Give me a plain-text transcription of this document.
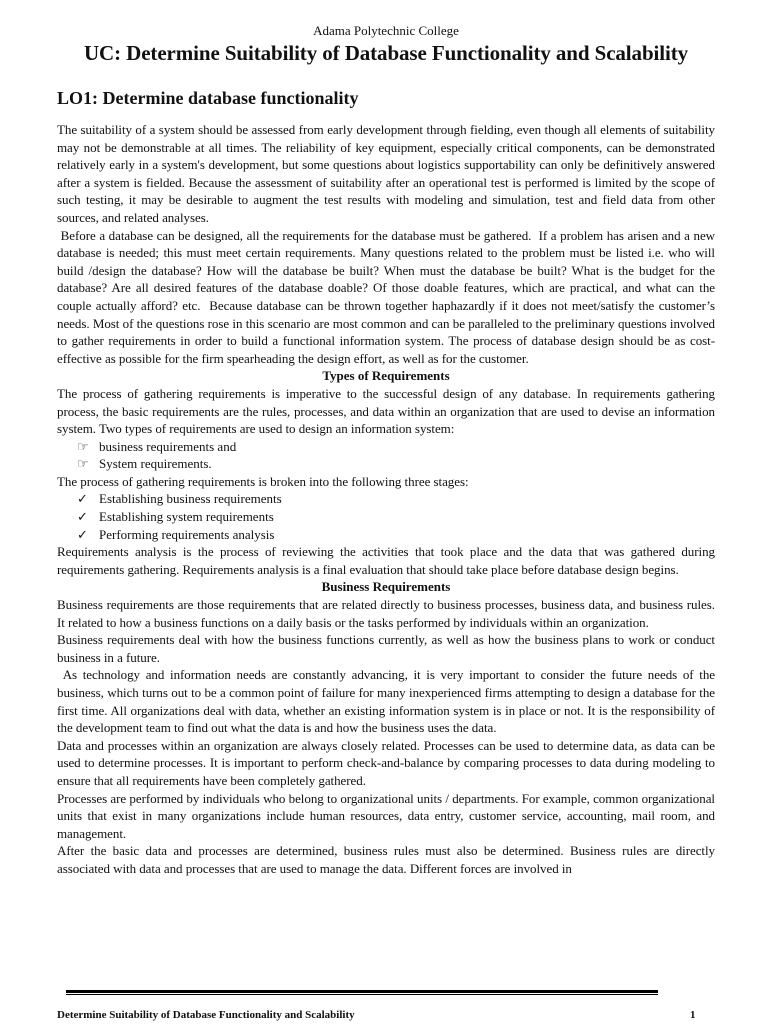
Adama Polytechnic College

UC: Determine Suitability of Database Functionality and Scalability
LO1: Determine database functionality

The suitability of a system should be assessed from early development through fielding, even though all elements of suitability may not be demonstrable at all times. The reliability of key equipment, especially critical components, can be demonstrated relatively early in a system's development, but some questions about logistics supportability can only be definitively answered after a system is fielded. Because the assessment of suitability after an operational test is performed is limited by the scope of such testing, it may be desirable to augment the test results with modeling and simulation, test and field data from other sources, and related analyses.

Before a database can be designed, all the requirements for the database must be gathered.  If a problem has arisen and a new database is needed; this must meet certain requirements. Many questions related to the problem must be listed i.e. who will build /design the database? How will the database be built? When must the database be built? What is the budget for the database? Are all desired features of the database doable? Of those doable features, which are practical, and what can the couple actually afford? etc.  Because database can be thrown together haphazardly if it does not meet/satisfy the customer’s needs. Most of the questions rose in this scenario are most common and can be paralleled to the preliminary questions involved to gather requirements in order to build a functional information system. The process of database design should be as cost-effective as possible for the firm spearheading the design effort, as well as for the customer.

Types of Requirements

The process of gathering requirements is imperative to the successful design of any database. In requirements gathering process, the basic requirements are the rules, processes, and data within an organization that are used to devise an information system. Two types of requirements are used to design an information system:

☞ business requirements and
☞ System requirements.

The process of gathering requirements is broken into the following three stages:

✓ Establishing business requirements
✓ Establishing system requirements
✓ Performing requirements analysis

Requirements analysis is the process of reviewing the activities that took place and the data that was gathered during requirements gathering. Requirements analysis is a final evaluation that should take place before database design begins.

Business Requirements

Business requirements are those requirements that are related directly to business processes, business data, and business rules. It related to how a business functions on a daily basis or the tasks performed by individuals within an organization.

Business requirements deal with how the business functions currently, as well as how the business plans to work or conduct business in a future.

As technology and information needs are constantly advancing, it is very important to consider the future needs of the business, which turns out to be a common point of failure for many inexperienced firms attempting to design a database for the first time. All organizations deal with data, whether an existing information system is in place or not. It is the responsibility of the development team to find out what the data is and how the business uses the data.

Data and processes within an organization are always closely related. Processes can be used to determine data, as data can be used to determine processes. It is important to perform check-and-balance by comparing processes to data during modeling to ensure that all requirements have been completely gathered.

Processes are performed by individuals who belong to organizational units / departments. For example, common organizational units that exist in many organizations include human resources, data entry, customer service, accounting, mail room, and management.

After the basic data and processes are determined, business rules must also be determined. Business rules are directly associated with data and processes that are used to manage the data. Different forces are involved in

Determine Suitability of Database Functionality and Scalability	1
